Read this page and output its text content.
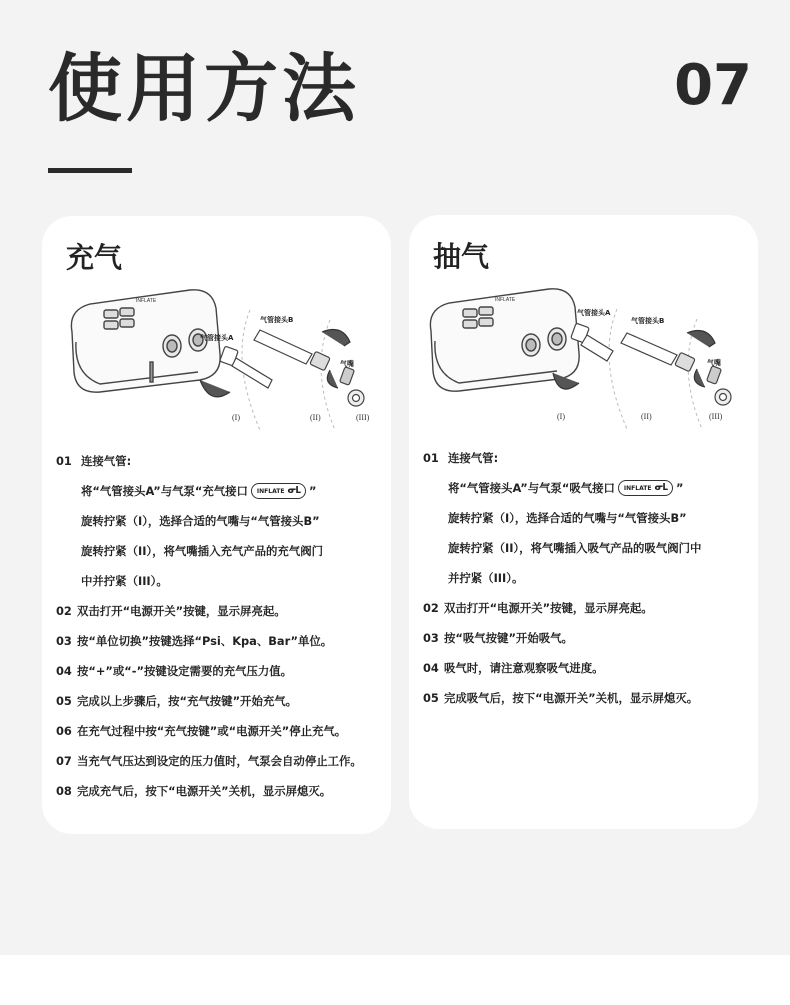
使用方法	07
充气
INFLATE
气管接头A
气管接头B
气嘴
(I)	(II)	(III)
01 连接气管:
将“气管接头A”与气泵“充气接口 INFLATE ᓂᒪ ”
旋转拧紧（I），选择合适的气嘴与“气管接头B”
旋转拧紧（II），将气嘴插入充气产品的充气阀门
中并拧紧（III）。
02 双击打开“电源开关”按键，显示屏亮起。
03 按“单位切换”按键选择“Psi、Kpa、Bar”单位。
04 按“+”或“-”按键设定需要的充气压力值。
05 完成以上步骤后，按“充气按键”开始充气。
06 在充气过程中按“充气按键”或“电源开关”停止充气。
07 当充气气压达到设定的压力值时，气泵会自动停止工作。
08 完成充气后，按下“电源开关”关机，显示屏熄灭。
抽气
INFLATE
气管接头A
气管接头B
气嘴
(I)	(II)	(III)
01 连接气管:
将“气管接头A”与气泵“吸气接口 INFLATE ᓂᒪ ”
旋转拧紧（I），选择合适的气嘴与“气管接头B”
旋转拧紧（II），将气嘴插入吸气产品的吸气阀门中
并拧紧（III）。
02 双击打开“电源开关”按键，显示屏亮起。
03 按“吸气按键”开始吸气。
04 吸气时，请注意观察吸气进度。
05 完成吸气后，按下“电源开关”关机，显示屏熄灭。
